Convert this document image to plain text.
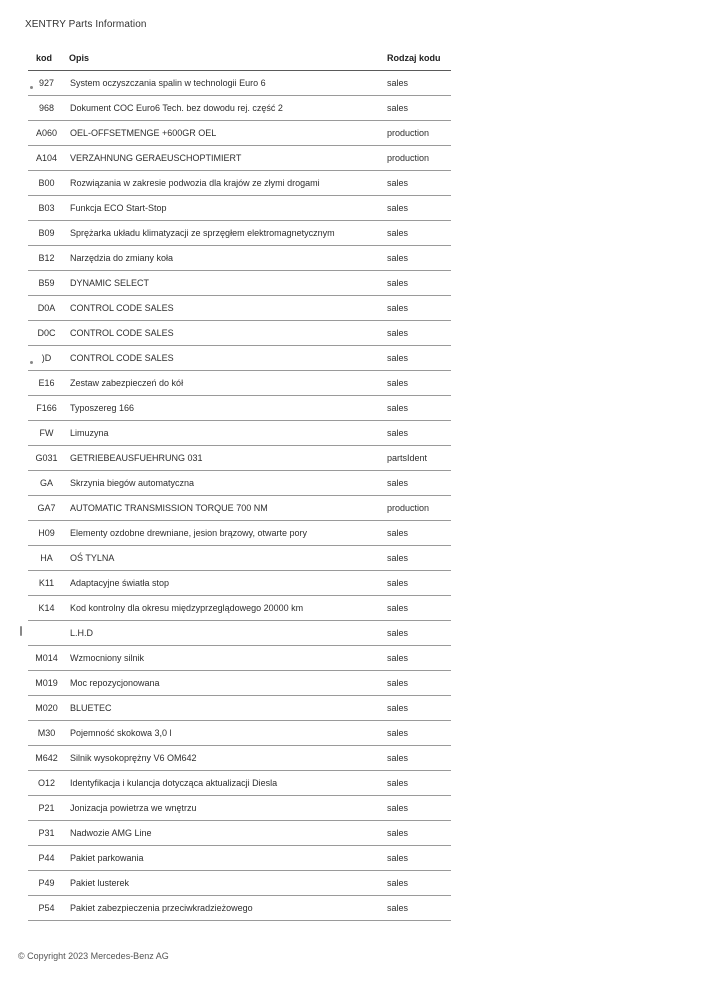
XENTRY Parts Information
kod	Opis	Rodzaj kodu
927	System oczyszczania spalin w technologii Euro 6	sales
968	Dokument COC Euro6 Tech. bez dowodu rej. część 2	sales
A060	OEL-OFFSETMENGE +600GR OEL	production
A104	VERZAHNUNG GERAEUSCHOPTIMIERT	production
B00	Rozwiązania w zakresie podwozia dla krajów ze złymi drogami	sales
B03	Funkcja ECO Start-Stop	sales
B09	Sprężarka układu klimatyzacji ze sprzęgłem elektromagnetycznym	sales
B12	Narzędzia do zmiany koła	sales
B59	DYNAMIC SELECT	sales
D0A	CONTROL CODE SALES	sales
D0C	CONTROL CODE SALES	sales
)D	CONTROL CODE SALES	sales
E16	Zestaw zabezpieczeń do kół	sales
F166	Typoszereg 166	sales
FW	Limuzyna	sales
G031	GETRIEBEAUSFUEHRUNG 031	partsIdent
GA	Skrzynia biegów automatyczna	sales
GA7	AUTOMATIC TRANSMISSION TORQUE 700 NM	production
H09	Elementy ozdobne drewniane, jesion brązowy, otwarte pory	sales
HA	OŚ TYLNA	sales
K11	Adaptacyjne światła stop	sales
K14	Kod kontrolny dla okresu międzyprzeglądowego 20000 km	sales
	L.H.D	sales
M014	Wzmocniony silnik	sales
M019	Moc repozycjonowana	sales
M020	BLUETEC	sales
M30	Pojemność skokowa 3,0 l	sales
M642	Silnik wysokoprężny V6 OM642	sales
O12	Identyfikacja i kulancja dotycząca aktualizacji Diesla	sales
P21	Jonizacja powietrza we wnętrzu	sales
P31	Nadwozie AMG Line	sales
P44	Pakiet parkowania	sales
P49	Pakiet lusterek	sales
P54	Pakiet zabezpieczenia przeciwkradzieżowego	sales
© Copyright 2023 Mercedes-Benz AG
